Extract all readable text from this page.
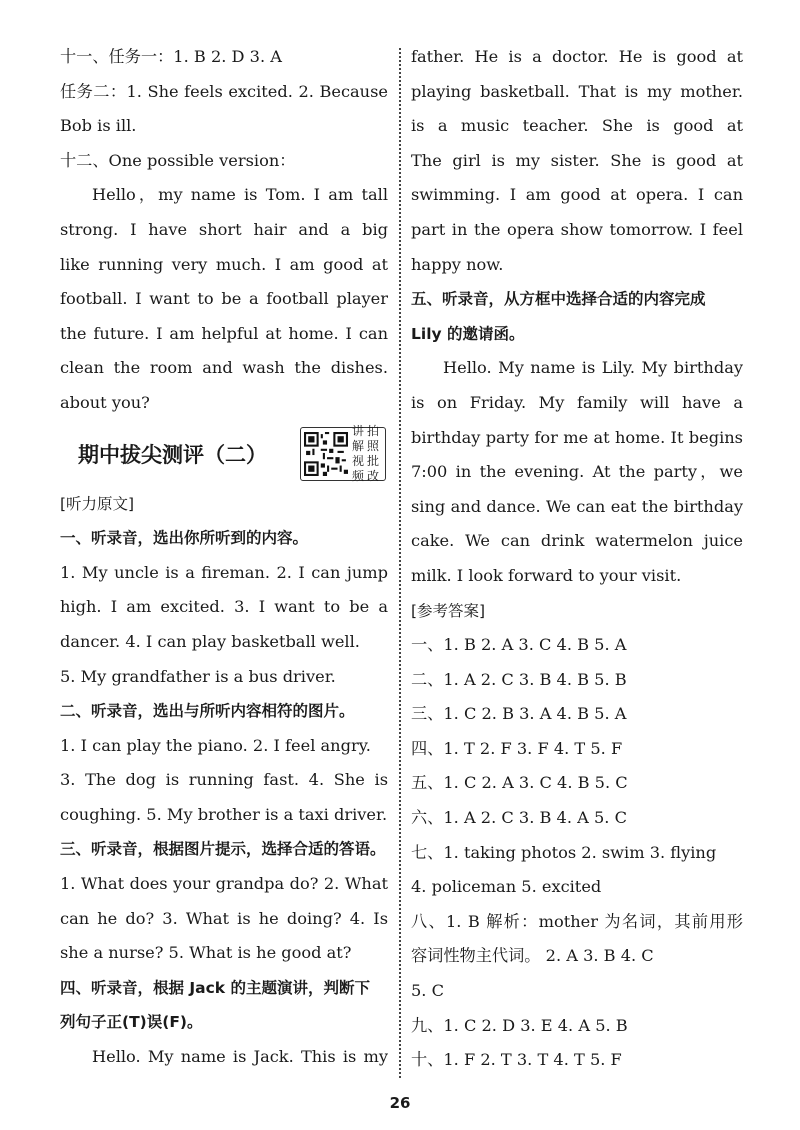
十一、任务一：1. B 2. D 3. A
任务二：1. She feels excited. 2. Because
Bob is ill.
十二、One possible version：
Hello，my name is Tom. I am tall
strong. I have short hair and a big
like running very much. I am good at
football. I want to be a football player
the future. I am helpful at home. I can
clean the room and wash the dishes.
about you?
期中拔尖测评（二）
讲 拍
解 照
视 批
频 改
[听力原文]
一、听录音，选出你所听到的内容。
1. My uncle is a fireman. 2. I can jump
high. I am excited. 3. I want to be a
dancer. 4. I can play basketball well.
5. My grandfather is a bus driver.
二、听录音，选出与所听内容相符的图片。
1. I can play the piano. 2. I feel angry.
3. The dog is running fast. 4. She is
coughing. 5. My brother is a taxi driver.
三、听录音，根据图片提示，选择合适的答语。
1. What does your grandpa do? 2. What
can he do? 3. What is he doing? 4. Is
she a nurse? 5. What is he good at?
四、听录音，根据 Jack 的主题演讲，判断下
列句子正(T)误(F)。
Hello. My name is Jack. This is my
father. He is a doctor. He is good at
playing basketball. That is my mother.
is a music teacher. She is good at
The girl is my sister. She is good at
swimming. I am good at opera. I can
part in the opera show tomorrow. I feel
happy now.
五、听录音，从方框中选择合适的内容完成
Lily 的邀请函。
Hello. My name is Lily. My birthday
is on Friday. My family will have a
birthday party for me at home. It begins
7:00 in the evening. At the party，we
sing and dance. We can eat the birthday
cake. We can drink watermelon juice
milk. I look forward to your visit.
[参考答案]
一、1. B 2. A 3. C 4. B 5. A
二、1. A 2. C 3. B 4. B 5. B
三、1. C 2. B 3. A 4. B 5. A
四、1. T 2. F 3. F 4. T 5. F
五、1. C 2. A 3. C 4. B 5. C
六、1. A 2. C 3. B 4. A 5. C
七、1. taking photos 2. swim 3. flying
4. policeman 5. excited
八、1. B 解析：mother 为名词，其前用形
容词性物主代词。 2. A 3. B 4. C
5. C
九、1. C 2. D 3. E 4. A 5. B
十、1. F 2. T 3. T 4. T 5. F
26
